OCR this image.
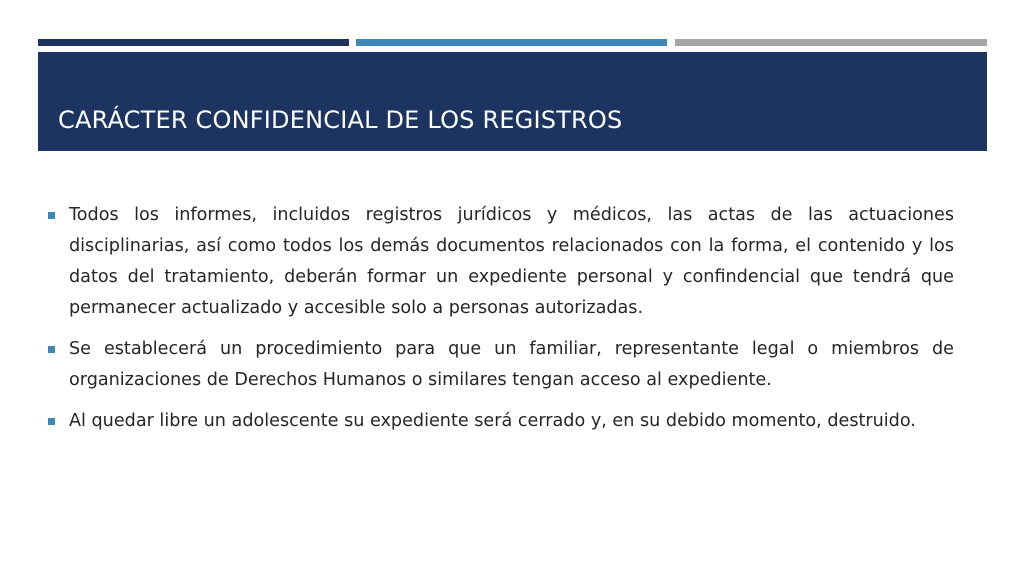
CARÁCTER CONFIDENCIAL DE LOS REGISTROS
Todos los informes, incluidos registros jurídicos y médicos, las actas de las actuaciones disciplinarias, así como todos los demás documentos relacionados con la forma, el contenido y los datos del tratamiento, deberán formar un expediente personal y confindencial que tendrá que permanecer actualizado y accesible solo a personas autorizadas.
Se establecerá un procedimiento para que un familiar, representante legal o miembros de organizaciones de Derechos Humanos o similares tengan acceso al expediente.
Al quedar libre un adolescente su expediente será cerrado y, en su debido momento, destruido.
